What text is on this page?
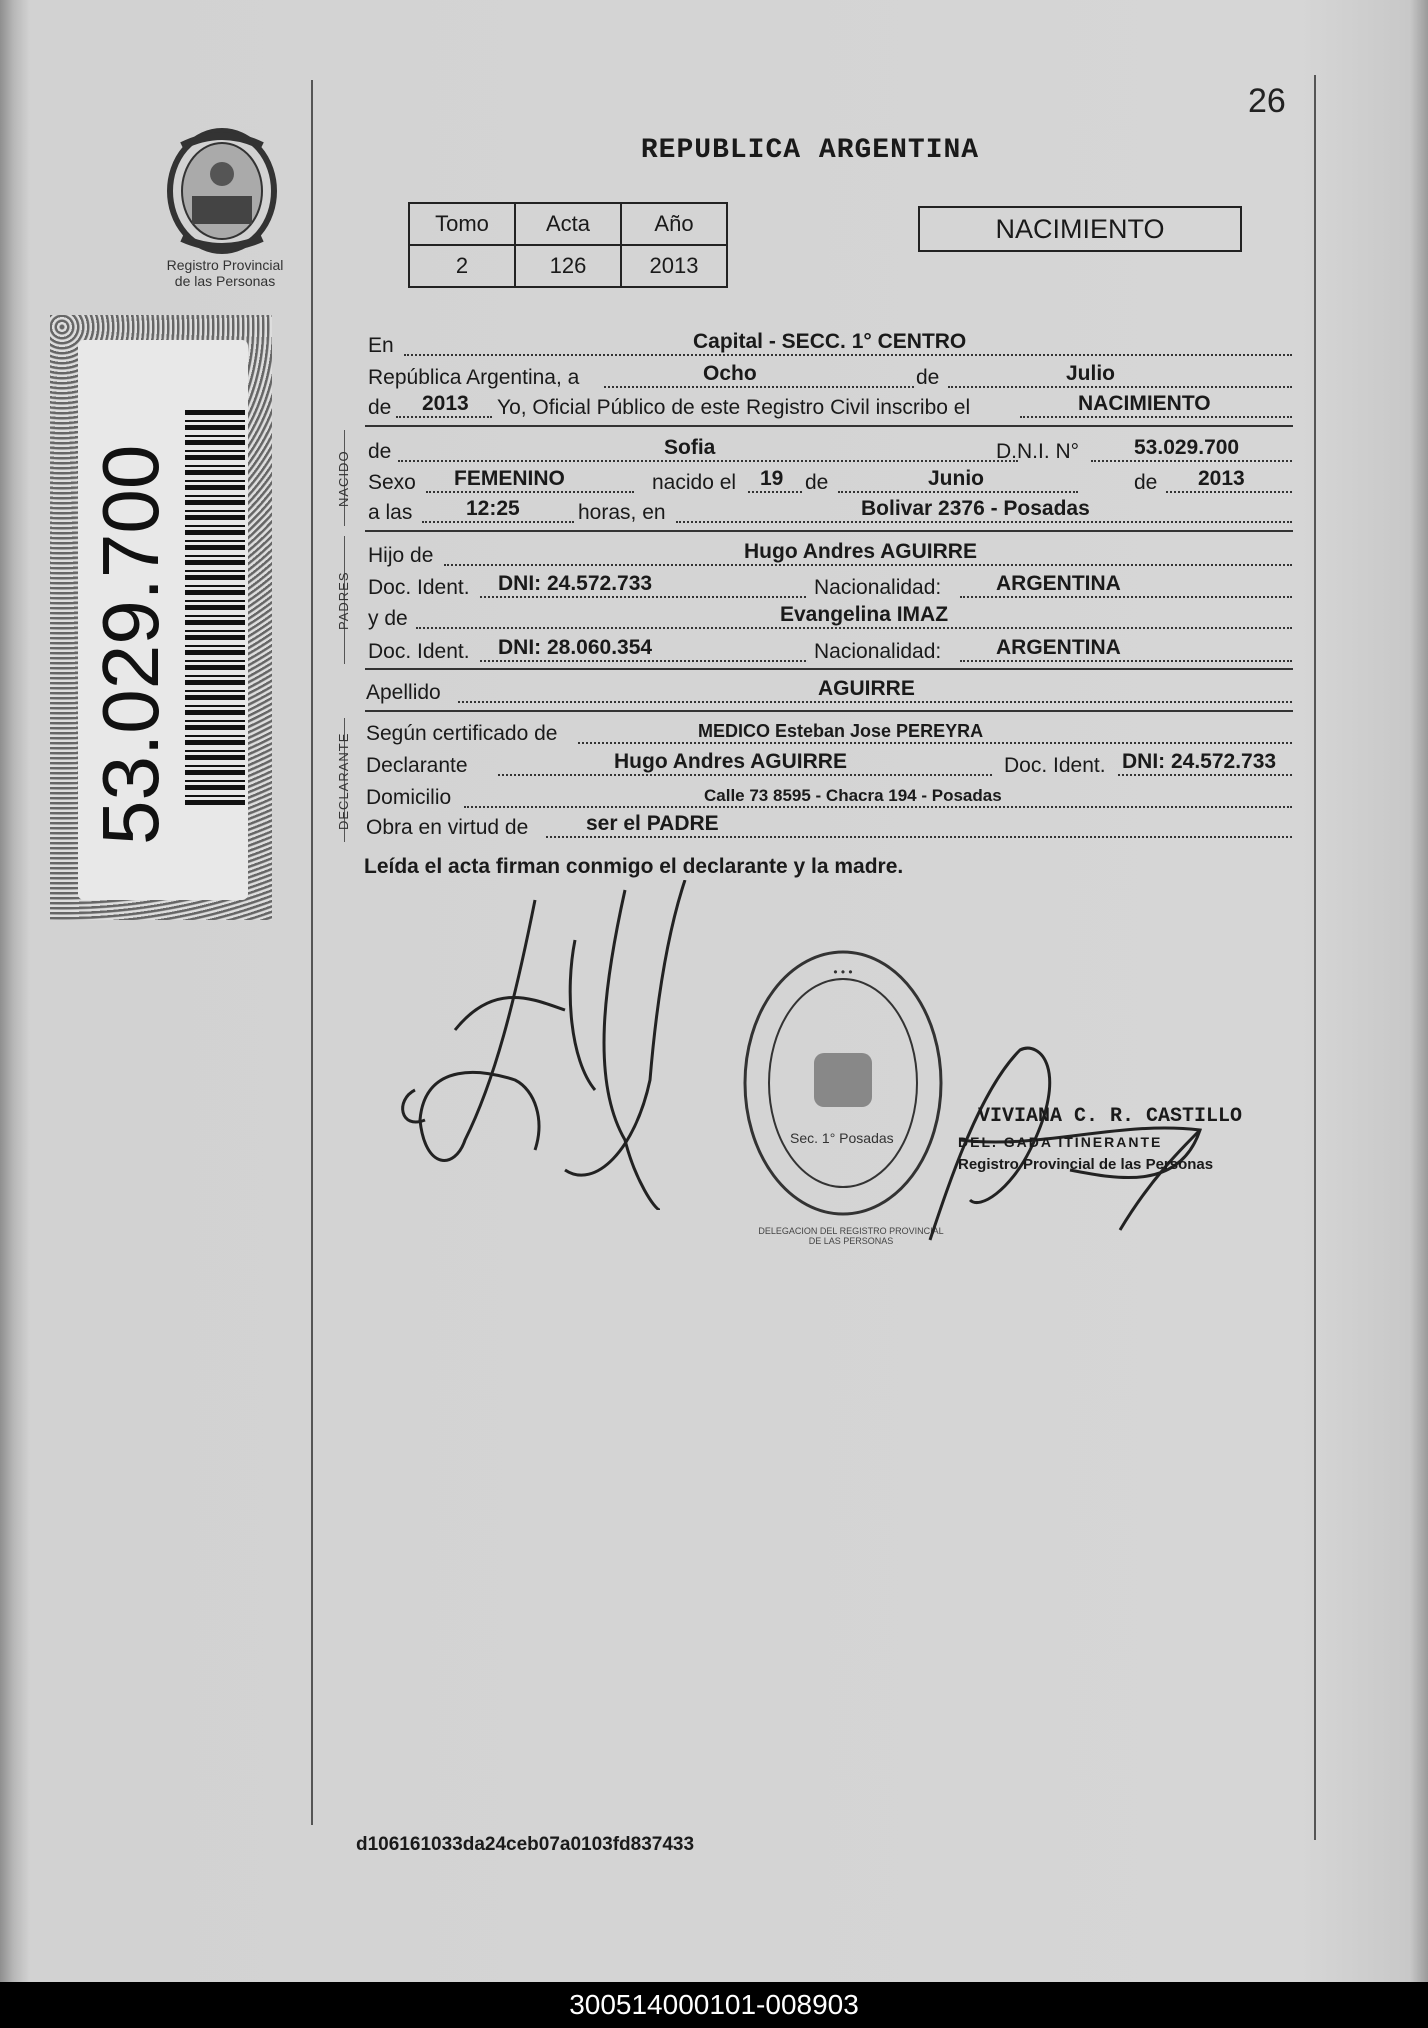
26
Registro Provincial
de las Personas
53.029.700
REPUBLICA ARGENTINA
Tomo	Acta	Año
2	126	2013
NACIMIENTO
En	Capital - SECC. 1° CENTRO
República Argentina, a	Ocho	de	Julio
de 2013 Yo, Oficial Público de este Registro Civil inscribo el	NACIMIENTO
NACIDO de	Sofia	D.N.I. N°	53.029.700
Sexo FEMENINO	nacido el 19 de	Junio	de 2013
a las	12:25	horas, en	Bolivar 2376 - Posadas
PADRES
Hijo de	Hugo Andres AGUIRRE
Doc. Ident. DNI: 24.572.733	Nacionalidad:	ARGENTINA
y de	Evangelina IMAZ
Doc. Ident. DNI: 28.060.354	Nacionalidad:	ARGENTINA
Apellido	AGUIRRE
DECLARANTE Según certificado de	MEDICO Esteban Jose PEREYRA
Declarante	Hugo Andres AGUIRRE	Doc. Ident. DNI: 24.572.733
Domicilio	Calle 73 8595 - Chacra 194 - Posadas
Obra en virtud de	ser el PADRE
Leída el acta firman conmigo el declarante y la madre.
• • •
DELEGACION DEL REGISTRO PROVINCIAL DE LAS PERSONAS
Sec. 1° Posadas
VIVIANA C. R. CASTILLO
DEL. GADA ITINERANTE
Registro Provincial de las Personas
d106161033da24ceb07a0103fd837433
300514000101-008903
